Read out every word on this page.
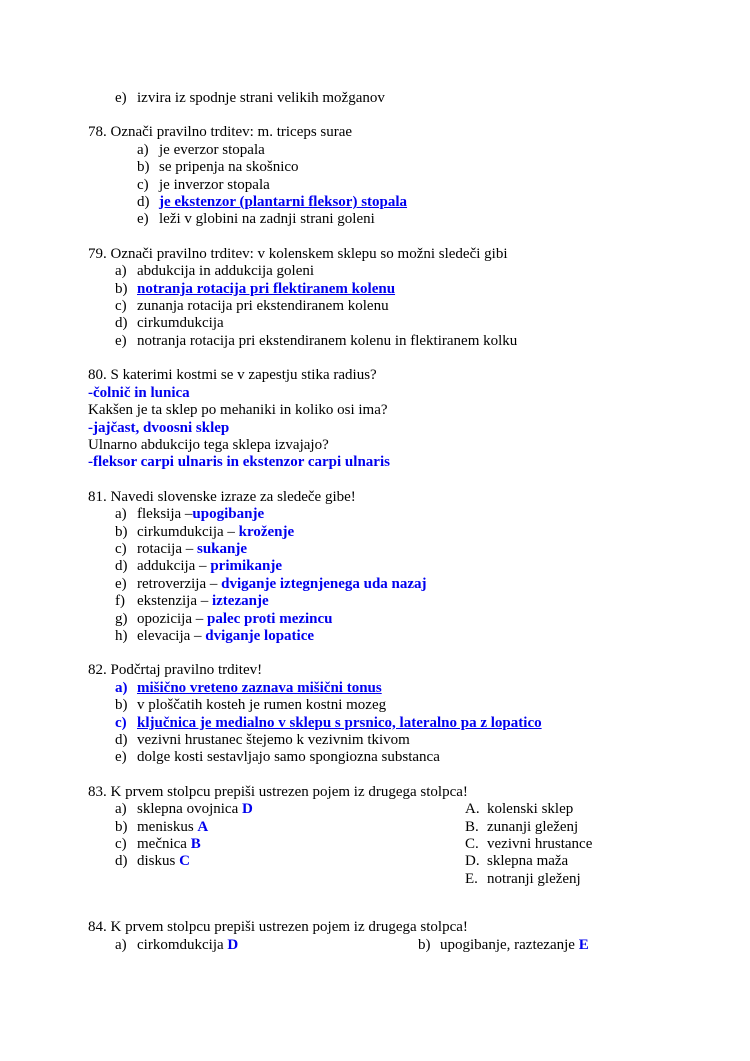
e) izvira iz spodnje strani velikih možganov
78. Označi pravilno trditev: m. triceps surae
a) je everzor stopala
b) se pripenja na skošnico
c) je inverzor stopala
d) je ekstenzor (plantarni fleksor) stopala
e) leži v globini na zadnji strani goleni
79. Označi pravilno trditev: v kolenskem sklepu so možni sledeči gibi
a) abdukcija in addukcija goleni
b) notranja rotacija pri flektiranem kolenu
c) zunanja rotacija pri ekstendiranem kolenu
d) cirkumdukcija
e) notranja rotacija pri ekstendiranem kolenu in flektiranem kolku
80. S katerimi kostmi se v zapestju stika radius?
-čolnič in lunica
Kakšen je ta sklep po mehaniki in koliko osi ima?
-jajčast, dvoosni sklep
Ulnarno abdukcijo tega sklepa izvajajo?
-fleksor carpi ulnaris in ekstenzor carpi ulnaris
81. Navedi slovenske izraze za sledeče gibe!
a) fleksija –upogibanje
b) cirkumdukcija – kroženje
c) rotacija – sukanje
d) addukcija – primikanje
e) retroverzija – dviganje iztegnjenega uda nazaj
f) ekstenzija – iztezanje
g) opozicija – palec proti mezincu
h) elevacija – dviganje lopatice
82. Podčrtaj pravilno trditev!
a) mišično vreteno zaznava mišični tonus
b) v ploščatih kosteh je rumen kostni mozeg
c) ključnica je medialno v sklepu s prsnico, lateralno pa z lopatico
d) vezivni hrustanec štejemo k vezivnim tkivom
e) dolge kosti sestavljajo samo spongiozna substanca
83. K prvem stolpcu prepiši ustrezen pojem iz drugega stolpca!
a) sklepna ovojnica D
b) meniskus A
c) mečnica B
d) diskus C
A. kolenski sklep
B. zunanji gleženj
C. vezivni hrustance
D. sklepna maža
E. notranji gleženj
84. K prvem stolpcu prepiši ustrezen pojem iz drugega stolpca!
a) cirkomdukcija D	b) upogibanje, raztezanje E
